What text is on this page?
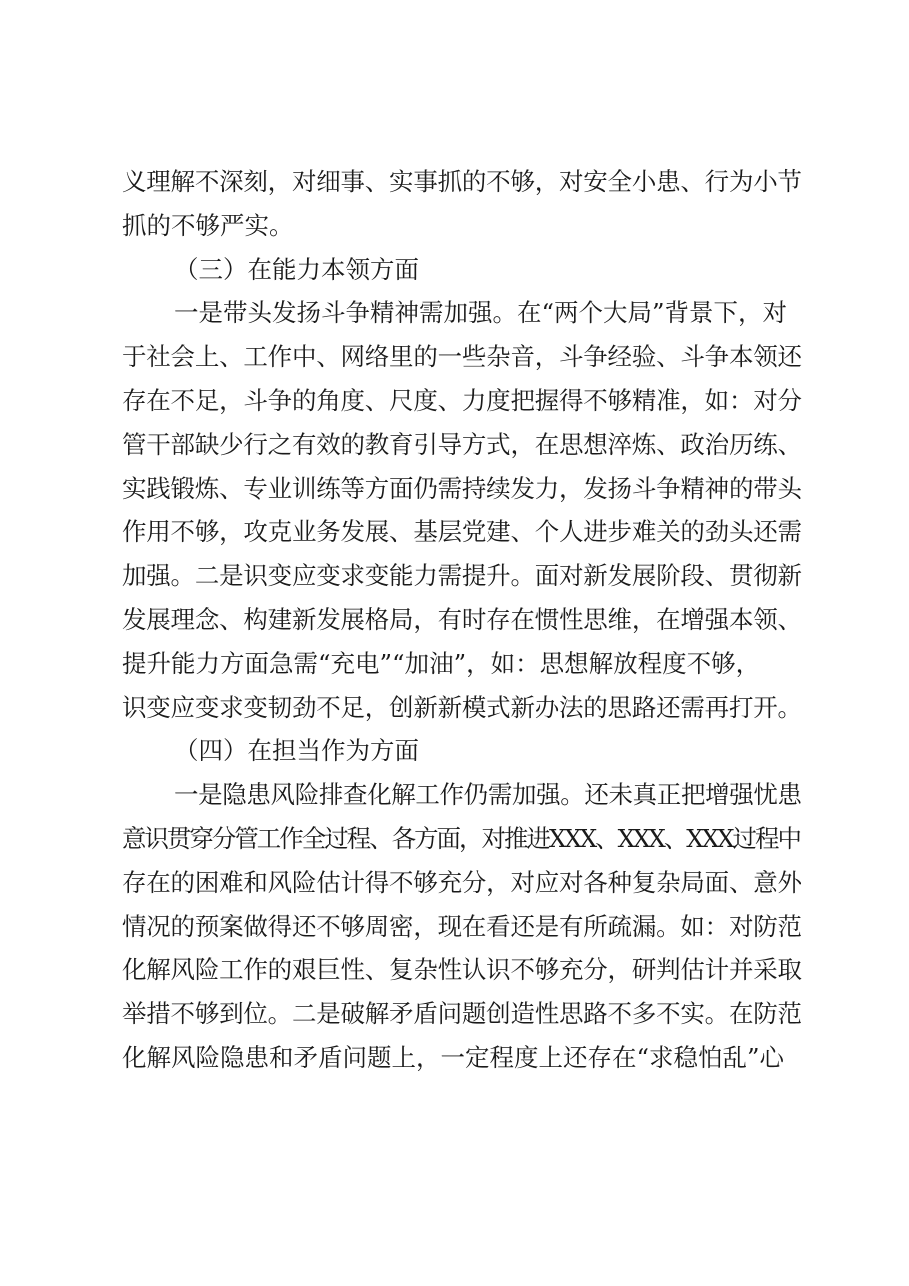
义理解不深刻，对细事、实事抓的不够，对安全小患、行为小节
抓的不够严实。
（三）在能力本领方面
一是带头发扬斗争精神需加强。在“两个大局”背景下，对
于社会上、工作中、网络里的一些杂音，斗争经验、斗争本领还
存在不足，斗争的角度、尺度、力度把握得不够精准，如：对分
管干部缺少行之有效的教育引导方式，在思想淬炼、政治历练、
实践锻炼、专业训练等方面仍需持续发力，发扬斗争精神的带头
作用不够，攻克业务发展、基层党建、个人进步难关的劲头还需
加强。二是识变应变求变能力需提升。面对新发展阶段、贯彻新
发展理念、构建新发展格局，有时存在惯性思维，在增强本领、
提升能力方面急需“充电”“加油”，如：思想解放程度不够，
识变应变求变韧劲不足，创新新模式新办法的思路还需再打开。
（四）在担当作为方面
一是隐患风险排查化解工作仍需加强。还未真正把增强忧患
意识贯穿分管工作全过程、各方面，对推进XXX、XXX、XXX过程中
存在的困难和风险估计得不够充分，对应对各种复杂局面、意外
情况的预案做得还不够周密，现在看还是有所疏漏。如：对防范
化解风险工作的艰巨性、复杂性认识不够充分，研判估计并采取
举措不够到位。二是破解矛盾问题创造性思路不多不实。在防范
化解风险隐患和矛盾问题上，一定程度上还存在“求稳怕乱”心
